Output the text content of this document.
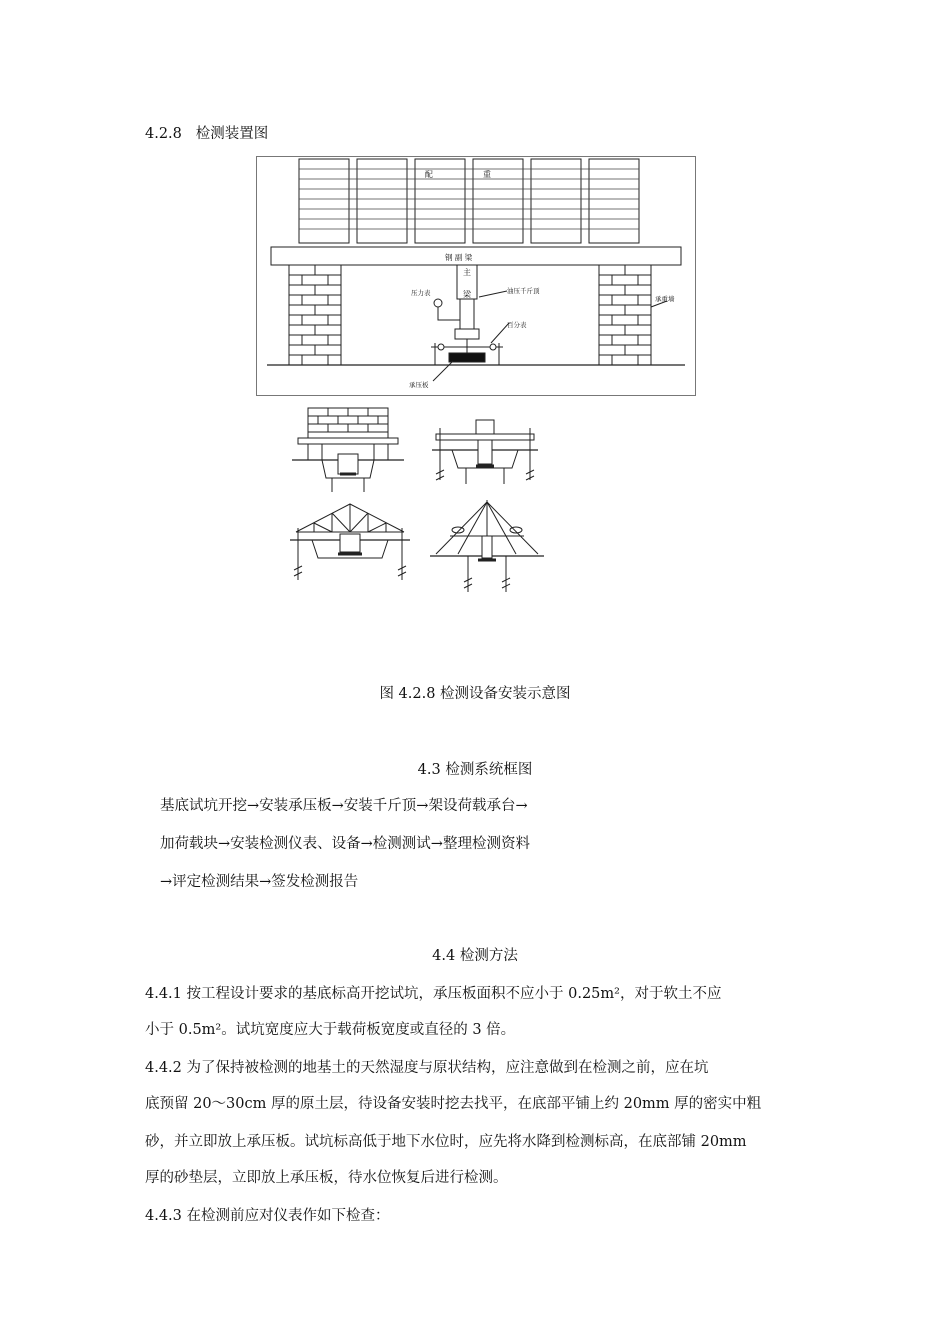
4.2.8 检测装置图
配	重
钢 副 梁
主
梁
压力表	油压千斤顶
百分表
承重墙
承压板
图 4.2.8 检测设备安装示意图
4.3 检测系统框图
基底试坑开挖→安装承压板→安装千斤顶→架设荷载承台→
加荷载块→安装检测仪表、设备→检测测试→整理检测资料
→评定检测结果→签发检测报告
4.4 检测方法
4.4.1 按工程设计要求的基底标高开挖试坑，承压板面积不应小于 0.25m²，对于软土不应
小于 0.5m²。试坑宽度应大于载荷板宽度或直径的 3 倍。
4.4.2 为了保持被检测的地基土的天然湿度与原状结构，应注意做到在检测之前，应在坑
底预留 20～30cm 厚的原土层，待设备安装时挖去找平，在底部平铺上约 20mm 厚的密实中粗
砂，并立即放上承压板。试坑标高低于地下水位时，应先将水降到检测标高，在底部铺 20mm
厚的砂垫层，立即放上承压板，待水位恢复后进行检测。
4.4.3 在检测前应对仪表作如下检查：
